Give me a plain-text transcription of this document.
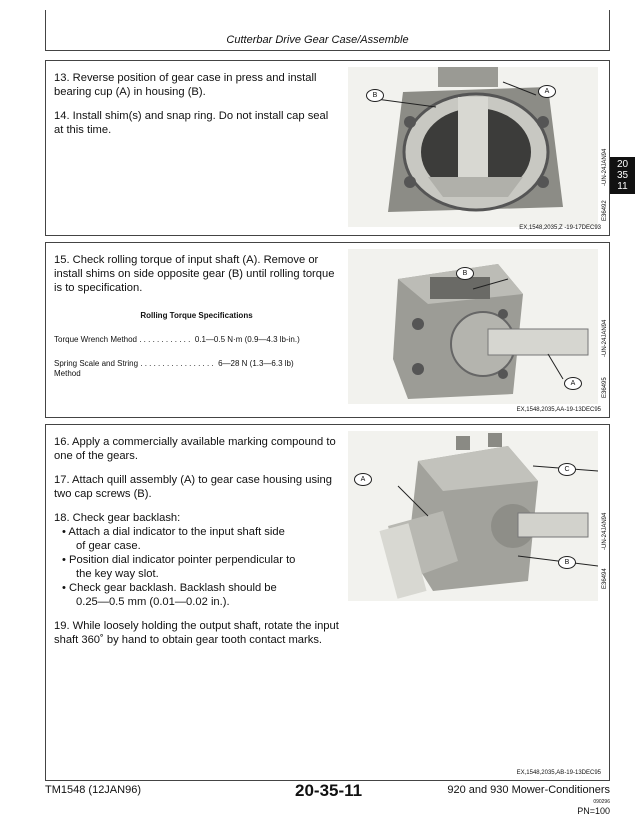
Cutterbar Drive Gear Case/Assemble

13. Reverse position of gear case in press and install bearing cup (A) in housing (B).

14. Install shim(s) and snap ring. Do not install cap seal at this time.

B
A
-UN-24JAN94
E36492
EX,1548,2035,Z -19-17DEC93

15. Check rolling torque of input shaft (A). Remove or install shims on side opposite gear (B) until rolling torque is to specification.

Rolling Torque Specifications
Torque Wrench Method . . . . . . . . . . . .
0.1—0.5 N·m (0.9—4.3 lb-in.)
Spring Scale and String . . . . . . . . . . . . . . . . .
6—28 N (1.3—6.3 lb)
Method
B
A
-UN-24JAN94
E36495
EX,1548,2035,AA-19-13DEC95

16. Apply a commercially available marking compound to one of the gears.

17. Attach quill assembly (A) to gear case housing using two cap screws (B).

18. Check gear backlash:

• Attach a dial indicator to the input shaft side
of gear case.
• Position dial indicator pointer perpendicular to
the key way slot.
• Check gear backlash. Backlash should be
0.25—0.5 mm (0.01—0.02 in.).

19. While loosely holding the output shaft, rotate the input shaft 360˚ by hand to obtain gear tooth contact marks.

A
C
B
-UN-24JAN94
E36494
EX,1548,2035,AB-19-13DEC95
20
35
11
TM1548 (12JAN96)	20-35-11	920 and 930 Mower-Conditioners
090296
PN=100
